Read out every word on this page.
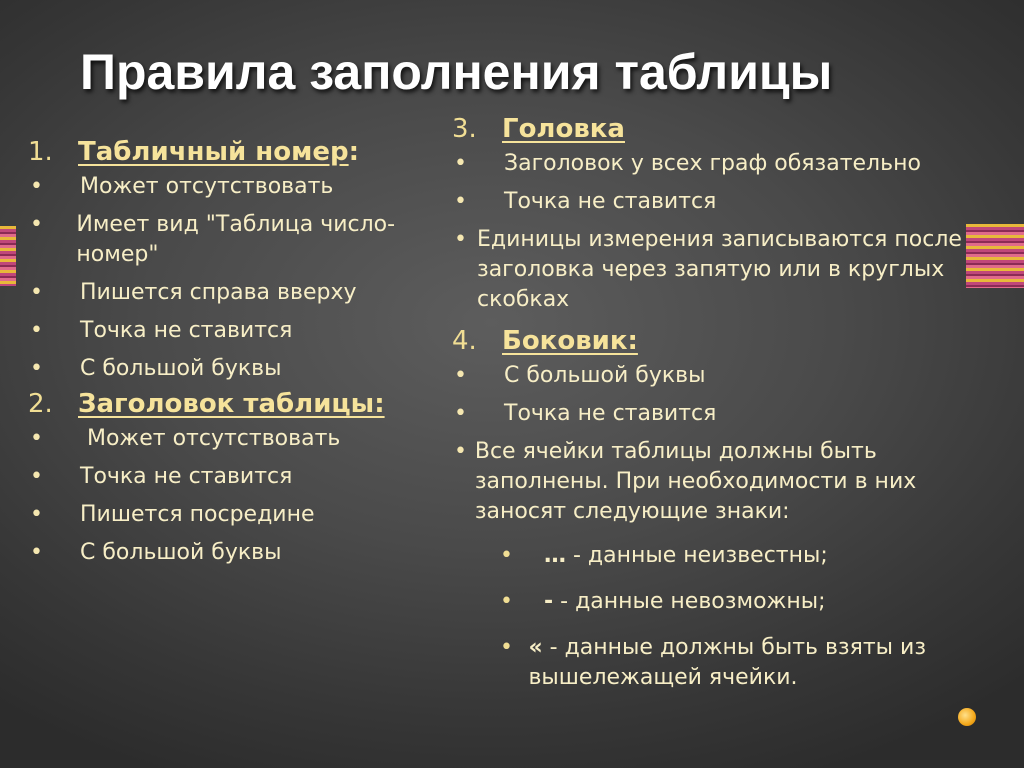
Правила заполнения таблицы
1. Табличный номер:
•	Может отсутствовать
•	Имеет вид "Таблица число-номер"
•	Пишется справа вверху
•	Точка не ставится
•	С большой буквы
2. Заголовок таблицы:
•	Может отсутствовать
•	Точка не ставится
•	Пишется посредине
•	С большой буквы
3. Головка
•	Заголовок у всех граф обязательно
•	Точка не ставится
• Единицы измерения записываются после заголовка через запятую или в круглых скобках
4. Боковик:
•	С большой буквы
•	Точка не ставится
• Все ячейки таблицы должны быть заполнены. При необходимости в них заносят следующие знаки:
•	… - данные неизвестны;
•	- - данные невозможны;
• « - данные должны быть взяты из вышележащей ячейки.
